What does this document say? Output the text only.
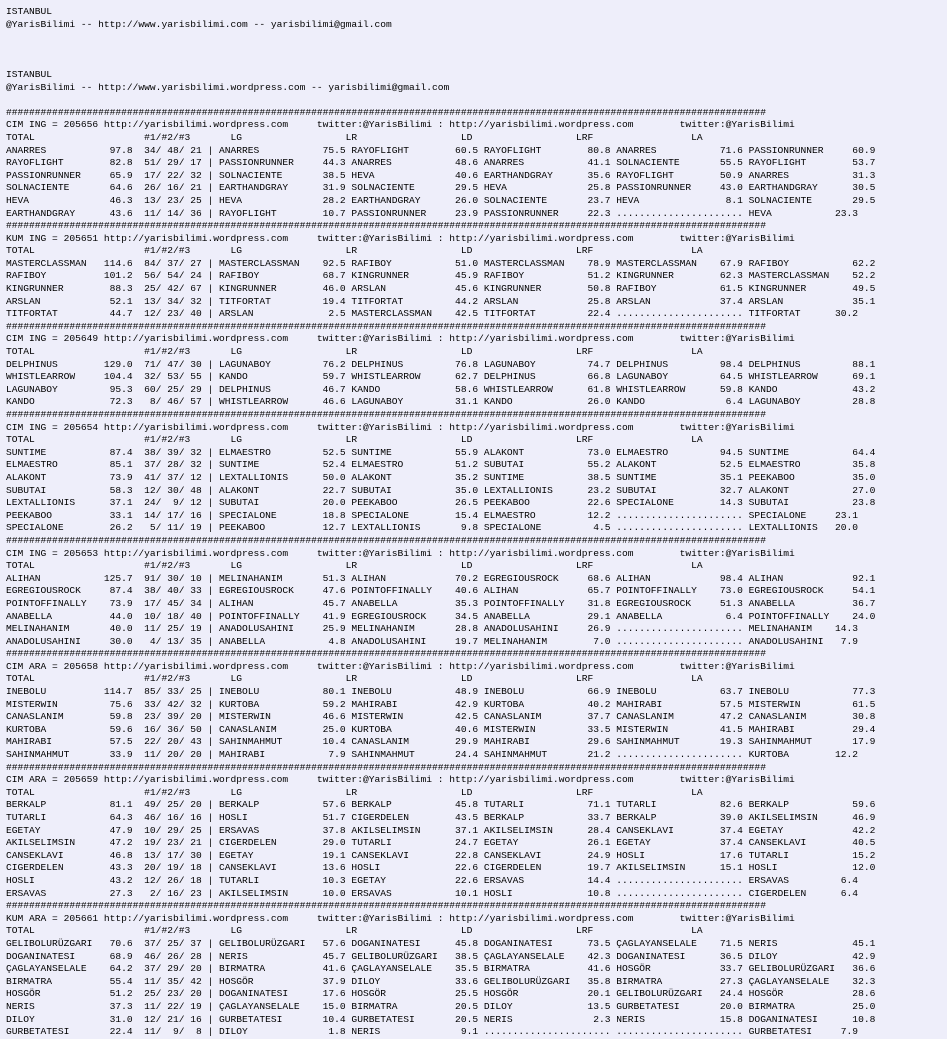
ISTANBUL
@YarisBilimi -- http://www.yarisbilimi.com -- yarisbilimi@gmail.com

ISTANBUL
@YarisBilimi -- http://www.yarisbilimi.wordpress.com -- yarisbilimi@gmail.com

####################################################################################################################################
CIM ING = 205656 http://yarisbilimi.wordpress.com     twitter:@YarisBilimi : http://yarisbilimi.wordpress.com        twitter:@YarisBilimi
TOTAL                   #1/#2/#3       LG                  LR                  LD                  LRF                 LA
ANARRES           97.8  34/ 48/ 21 | ANARRES           75.5 RAYOFLIGHT        60.5 RAYOFLIGHT        80.8 ANARRES           71.6 PASSIONRUNNER     60.9
RAYOFLIGHT        82.8  51/ 29/ 17 | PASSIONRUNNER     44.3 ANARRES           48.6 ANARRES           41.1 SOLNACIENTE       55.5 RAYOFLIGHT        53.7
PASSIONRUNNER     65.9  17/ 22/ 32 | SOLNACIENTE       38.5 HEVA              40.6 EARTHANDGRAY      35.6 RAYOFLIGHT        50.9 ANARRES           31.3
SOLNACIENTE       64.6  26/ 16/ 21 | EARTHANDGRAY      31.9 SOLNACIENTE       29.5 HEVA              25.8 PASSIONRUNNER     43.0 EARTHANDGRAY      30.5
HEVA              46.3  13/ 23/ 25 | HEVA              28.2 EARTHANDGRAY      26.0 SOLNACIENTE       23.7 HEVA               8.1 SOLNACIENTE       29.5
EARTHANDGRAY      43.6  11/ 14/ 36 | RAYOFLIGHT        10.7 PASSIONRUNNER     23.9 PASSIONRUNNER     22.3 ...................... HEVA           23.3
####################################################################################################################################
KUM ING = 205651 http://yarisbilimi.wordpress.com     twitter:@YarisBilimi : http://yarisbilimi.wordpress.com        twitter:@YarisBilimi
TOTAL                   #1/#2/#3       LG                  LR                  LD                  LRF                 LA
MASTERCLASSMAN   114.6  84/ 37/ 27 | MASTERCLASSMAN    92.5 RAFIBOY           51.0 MASTERCLASSMAN    78.9 MASTERCLASSMAN    67.9 RAFIBOY           62.2
RAFIBOY          101.2  56/ 54/ 24 | RAFIBOY           68.7 KINGRUNNER        45.9 RAFIBOY           51.2 KINGRUNNER        62.3 MASTERCLASSMAN    52.2
KINGRUNNER        88.3  25/ 42/ 67 | KINGRUNNER        46.0 ARSLAN            45.6 KINGRUNNER        50.8 RAFIBOY           61.5 KINGRUNNER        49.5
ARSLAN            52.1  13/ 34/ 32 | TITFORTAT         19.4 TITFORTAT         44.2 ARSLAN            25.8 ARSLAN            37.4 ARSLAN            35.1
TITFORTAT         44.7  12/ 23/ 40 | ARSLAN             2.5 MASTERCLASSMAN    42.5 TITFORTAT         22.4 ...................... TITFORTAT      30.2
####################################################################################################################################
CIM ING = 205649 http://yarisbilimi.wordpress.com     twitter:@YarisBilimi : http://yarisbilimi.wordpress.com        twitter:@YarisBilimi
TOTAL                   #1/#2/#3       LG                  LR                  LD                  LRF                 LA
DELPHINUS        129.0  71/ 47/ 30 | LAGUNABOY         76.2 DELPHINUS         76.8 LAGUNABOY         74.7 DELPHINUS         98.4 DELPHINUS         88.1
WHISTLEARROW     104.4  32/ 53/ 55 | KANDO             59.7 WHISTLEARROW      62.7 DELPHINUS         66.8 LAGUNABOY         64.5 WHISTLEARROW      69.1
LAGUNABOY         95.3  60/ 25/ 29 | DELPHINUS         46.7 KANDO             58.6 WHISTLEARROW      61.8 WHISTLEARROW      59.8 KANDO             43.2
KANDO             72.3   8/ 46/ 57 | WHISTLEARROW      46.6 LAGUNABOY         31.1 KANDO             26.0 KANDO              6.4 LAGUNABOY         28.8
####################################################################################################################################
CIM ING = 205654 http://yarisbilimi.wordpress.com     twitter:@YarisBilimi : http://yarisbilimi.wordpress.com        twitter:@YarisBilimi
TOTAL                   #1/#2/#3       LG                  LR                  LD                  LRF                 LA
SUNTIME           87.4  38/ 39/ 32 | ELMAESTRO         52.5 SUNTIME           55.9 ALAKONT           73.0 ELMAESTRO         94.5 SUNTIME           64.4
ELMAESTRO         85.1  37/ 28/ 32 | SUNTIME           52.4 ELMAESTRO         51.2 SUBUTAI           55.2 ALAKONT           52.5 ELMAESTRO         35.8
ALAKONT           73.9  41/ 37/ 12 | LEXTALLIONIS      50.0 ALAKONT           35.2 SUNTIME           38.5 SUNTIME           35.1 PEEKABOO          35.0
SUBUTAI           58.3  12/ 30/ 48 | ALAKONT           22.7 SUBUTAI           35.0 LEXTALLIONIS      23.2 SUBUTAI           32.7 ALAKONT           27.0
LEXTALLIONIS      37.1  24/  9/ 12 | SUBUTAI           20.0 PEEKABOO          26.5 PEEKABOO          22.6 SPECIALONE        14.3 SUBUTAI           23.8
PEEKABOO          33.1  14/ 17/ 16 | SPECIALONE        18.8 SPECIALONE        15.4 ELMAESTRO         12.2 ...................... SPECIALONE     23.1
SPECIALONE        26.2   5/ 11/ 19 | PEEKABOO          12.7 LEXTALLIONIS       9.8 SPECIALONE         4.5 ...................... LEXTALLIONIS   20.0
####################################################################################################################################
CIM ING = 205653 http://yarisbilimi.wordpress.com     twitter:@YarisBilimi : http://yarisbilimi.wordpress.com        twitter:@YarisBilimi
TOTAL                   #1/#2/#3       LG                  LR                  LD                  LRF                 LA
ALIHAN           125.7  91/ 30/ 10 | MELINAHANIM       51.3 ALIHAN            70.2 EGREGIOUSROCK     68.6 ALIHAN            98.4 ALIHAN            92.1
EGREGIOUSROCK     87.4  38/ 40/ 33 | EGREGIOUSROCK     47.6 POINTOFFINALLY    40.6 ALIHAN            65.7 POINTOFFINALLY    73.0 EGREGIOUSROCK     54.1
POINTOFFINALLY    73.9  17/ 45/ 34 | ALIHAN            45.7 ANABELLA          35.3 POINTOFFINALLY    31.8 EGREGIOUSROCK     51.3 ANABELLA          36.7
ANABELLA          44.0  10/ 18/ 40 | POINTOFFINALLY    41.9 EGREGIOUSROCK     34.5 ANABELLA          29.1 ANABELLA           6.4 POINTOFFINALLY    24.0
MELINAHANIM       40.0  11/ 25/ 19 | ANADOLUSAHINI     25.9 MELINAHANIM       28.8 ANADOLUSAHINI     26.9 ...................... MELINAHANIM    14.3
ANADOLUSAHINI     30.0   4/ 13/ 35 | ANABELLA           4.8 ANADOLUSAHINI     19.7 MELINAHANIM        7.0 ...................... ANADOLUSAHINI   7.9
####################################################################################################################################
CIM ARA = 205658 http://yarisbilimi.wordpress.com     twitter:@YarisBilimi : http://yarisbilimi.wordpress.com        twitter:@YarisBilimi
TOTAL                   #1/#2/#3       LG                  LR                  LD                  LRF                 LA
INEBOLU          114.7  85/ 33/ 25 | INEBOLU           80.1 INEBOLU           48.9 INEBOLU           66.9 INEBOLU           63.7 INEBOLU           77.3
MISTERWIN         75.6  33/ 42/ 32 | KURTOBA           59.2 MAHIRABI          42.9 KURTOBA           40.2 MAHIRABI          57.5 MISTERWIN         61.5
CANASLANIM        59.8  23/ 39/ 20 | MISTERWIN         46.6 MISTERWIN         42.5 CANASLANIM        37.7 CANASLANIM        47.2 CANASLANIM        30.8
KURTOBA           59.6  16/ 36/ 50 | CANASLANIM        25.0 KURTOBA           40.6 MISTERWIN         33.5 MISTERWIN         41.5 MAHIRABI          29.4
MAHIRABI          57.5  22/ 20/ 43 | SAHINMAHMUT       10.4 CANASLANIM        29.9 MAHIRABI          29.6 SAHINMAHMUT       19.3 SAHINMAHMUT       17.9
SAHINMAHMUT       33.9  11/ 20/ 20 | MAHIRABI           7.9 SAHINMAHMUT       24.4 SAHINMAHMUT       21.2 ...................... KURTOBA        12.2
####################################################################################################################################
CIM ARA = 205659 http://yarisbilimi.wordpress.com     twitter:@YarisBilimi : http://yarisbilimi.wordpress.com        twitter:@YarisBilimi
TOTAL                   #1/#2/#3       LG                  LR                  LD                  LRF                 LA
BERKALP           81.1  49/ 25/ 20 | BERKALP           57.6 BERKALP           45.8 TUTARLI           71.1 TUTARLI           82.6 BERKALP           59.6
TUTARLI           64.3  46/ 16/ 16 | HOSLI             51.7 CIGERDELEN        43.5 BERKALP           33.7 BERKALP           39.0 AKILSELIMSIN      46.9
EGETAY            47.9  10/ 29/ 25 | ERSAVAS           37.8 AKILSELIMSIN      37.1 AKILSELIMSIN      28.4 CANSEKLAVI        37.4 EGETAY            42.2
AKILSELIMSIN      47.2  19/ 23/ 21 | CIGERDELEN        29.0 TUTARLI           24.7 EGETAY            26.1 EGETAY            37.4 CANSEKLAVI        40.5
CANSEKLAVI        46.8  13/ 17/ 30 | EGETAY            19.1 CANSEKLAVI        22.8 CANSEKLAVI        24.9 HOSLI             17.6 TUTARLI           15.2
CIGERDELEN        43.3  20/ 19/ 18 | CANSEKLAVI        13.6 HOSLI             22.6 CIGERDELEN        19.7 AKILSELIMSIN      15.1 HOSLI             12.0
HOSLI             43.2  12/ 26/ 18 | TUTARLI           10.3 EGETAY            22.6 ERSAVAS           14.4 ...................... ERSAVAS         6.4
ERSAVAS           27.3   2/ 16/ 23 | AKILSELIMSIN      10.0 ERSAVAS           10.1 HOSLI             10.8 ...................... CIGERDELEN      6.4
####################################################################################################################################
KUM ARA = 205661 http://yarisbilimi.wordpress.com     twitter:@YarisBilimi : http://yarisbilimi.wordpress.com        twitter:@YarisBilimi
TOTAL                   #1/#2/#3       LG                  LR                  LD                  LRF                 LA
GELIBOLURÜZGARI   70.6  37/ 25/ 37 | GELIBOLURÜZGARI   57.6 DOGANINATESI      45.8 DOGANINATESI      73.5 ÇAGLAYANSELALE    71.5 NERIS             45.1
DOGANINATESI      68.9  46/ 26/ 28 | NERIS             45.7 GELIBOLURÜZGARI   38.5 ÇAGLAYANSELALE    42.3 DOGANINATESI      36.5 DILOY             42.9
ÇAGLAYANSELALE    64.2  37/ 29/ 20 | BIRMATRA          41.6 ÇAGLAYANSELALE    35.5 BIRMATRA          41.6 HOSGÖR            33.7 GELIBOLURÜZGARI   36.6
BIRMATRA          55.4  11/ 35/ 42 | HOSGÖR            37.9 DILOY             33.6 GELIBOLURÜZGARI   35.8 BIRMATRA          27.3 ÇAGLAYANSELALE    32.3
HOSGÖR            51.2  25/ 23/ 20 | DOGANINATESI      17.6 HOSGÖR            25.5 HOSGÖR            20.1 GELIBOLURÜZGARI   24.4 HOSGÖR            28.6
NERIS             37.3  11/ 22/ 19 | ÇAGLAYANSELALE    15.0 BIRMATRA          20.5 DILOY             13.5 GURBETATESI       20.0 BIRMATRA          25.0
DILOY             31.0  12/ 21/ 16 | GURBETATESI       10.4 GURBETATESI       20.5 NERIS              2.3 NERIS             15.8 DOGANINATESI      10.8
GURBETATESI       22.4  11/  9/  8 | DILOY              1.8 NERIS              9.1 ...................... ...................... GURBETATESI     7.9
